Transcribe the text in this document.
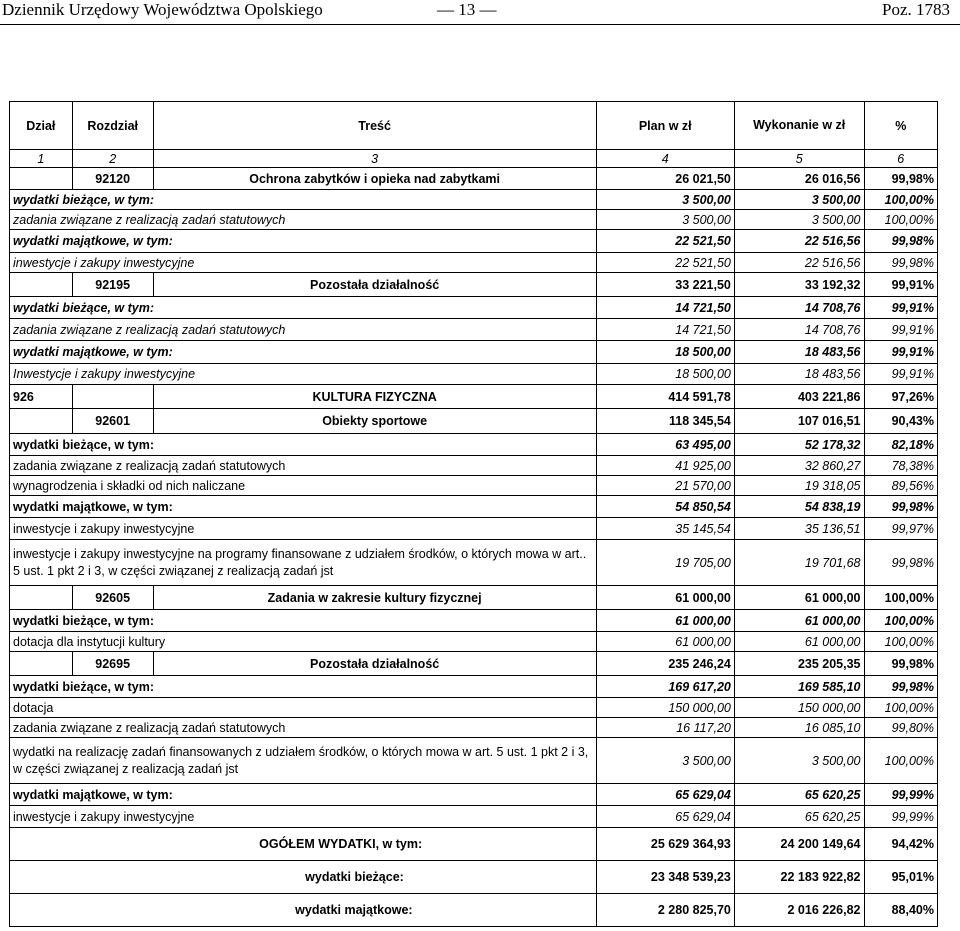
Dziennik Urzędowy Województwa Opolskiego	— 13 —	Poz. 1783
Dział	Rozdział	Treść	Plan w zł	Wykonanie w zł	%
1	2	3	4	5	6
	92120	Ochrona zabytków i opieka nad zabytkami	26 021,50	26 016,56	99,98%
wydatki bieżące, w tym:			3 500,00	3 500,00	100,00%
zadania związane z realizacją zadań statutowych			3 500,00	3 500,00	100,00%
wydatki majątkowe, w tym:			22 521,50	22 516,56	99,98%
inwestycje i zakupy inwestycyjne			22 521,50	22 516,56	99,98%
	92195	Pozostała działalność	33 221,50	33 192,32	99,91%
wydatki bieżące, w tym:			14 721,50	14 708,76	99,91%
zadania związane z realizacją zadań statutowych			14 721,50	14 708,76	99,91%
wydatki majątkowe, w tym:			18 500,00	18 483,56	99,91%
Inwestycje i zakupy inwestycyjne			18 500,00	18 483,56	99,91%
926		KULTURA FIZYCZNA	414 591,78	403 221,86	97,26%
	92601	Obiekty sportowe	118 345,54	107 016,51	90,43%
wydatki bieżące, w tym:			63 495,00	52 178,32	82,18%
zadania związane z realizacją zadań statutowych			41 925,00	32 860,27	78,38%
wynagrodzenia i składki od nich naliczane			21 570,00	19 318,05	89,56%
wydatki majątkowe, w tym:			54 850,54	54 838,19	99,98%
inwestycje i zakupy inwestycyjne			35 145,54	35 136,51	99,97%
inwestycje i zakupy inwestycyjne na programy finansowane z udziałem środków, o których mowa w art.. 5 ust. 1 pkt 2 i 3, w części związanej z realizacją zadań jst			19 705,00	19 701,68	99,98%
	92605	Zadania w zakresie kultury fizycznej	61 000,00	61 000,00	100,00%
wydatki bieżące, w tym:			61 000,00	61 000,00	100,00%
dotacja dla instytucji kultury			61 000,00	61 000,00	100,00%
	92695	Pozostała działalność	235 246,24	235 205,35	99,98%
wydatki bieżące, w tym:			169 617,20	169 585,10	99,98%
dotacja			150 000,00	150 000,00	100,00%
zadania związane z realizacją zadań statutowych			16 117,20	16 085,10	99,80%
wydatki na realizację zadań finansowanych z udziałem środków, o których mowa w art. 5 ust. 1 pkt 2 i 3, w części związanej z realizacją zadań jst			3 500,00	3 500,00	100,00%
wydatki majątkowe, w tym:			65 629,04	65 620,25	99,99%
inwestycje i zakupy inwestycyjne			65 629,04	65 620,25	99,99%
		OGÓŁEM WYDATKI, w tym:	25 629 364,93	24 200 149,64	94,42%
		wydatki bieżące:	23 348 539,23	22 183 922,82	95,01%
		wydatki majątkowe:	2 280 825,70	2 016 226,82	88,40%
